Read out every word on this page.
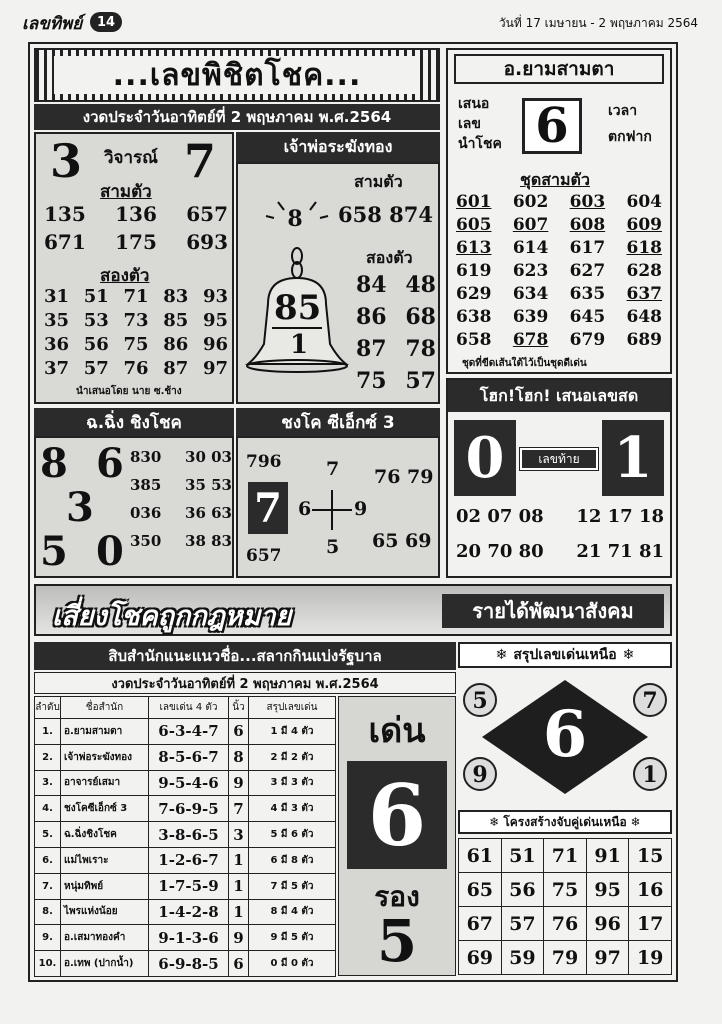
เลขทิพย์	14	วันที่ 17 เมษายน - 2 พฤษภาคม 2564
...เลขพิชิตโชค...
งวดประจำวันอาทิตย์ที่ 2 พฤษภาคม พ.ศ.2564
3 วิจารณ์ 7
สามตัว
135 136 657
671 175 693
สองตัว
31 51 71 83 93
35 53 73 85 95
36 56 75 86 96
37 57 76 87 97
นำเสนอโดย นาย ซ.ช้าง
เจ้าพ่อระฆังทอง
สามตัว
658 874
8
85
1
สองตัว
84 48
86 68
87 78
75 57
อ.ยามสามตา
เสนอ
เลข
นำโชค 6	เวลา
ตกฟาก
ชุดสามตัว
601 602 603 604
605 607 608 609
613 614 617 618
619 623 627 628
629 634 635 637
638 639 645 648
658 678 679 689
ชุดที่ขีดเส้นใต้ไว้เป็นชุดดีเด่น
ฉ.ฉิ่ง ชิงโชค
8 6
3
5 0
830 30 03
385 35 53
036 36 63
350 38 83
ชงโค ซีเอ็กซ์ 3
796
7
657
7
6 9
5
76 79
65 69
โฮก!โฮก! เสนอเลขสด
0	เลขท้าย 1
02 07 08 12 17 18
20 70 80 21 71 81
เสี่ยงโชคถูกกฎหมาย	รายได้พัฒนาสังคม
สิบสำนักแนะแนวชื่อ...สลากกินแบ่งรัฐบาล
งวดประจำวันอาทิตย์ที่ 2 พฤษภาคม พ.ศ.2564
ลำดับ	ชื่อสำนัก	เลขเด่น 4 ตัว	นิ้ว	สรุปเลขเด่น
1.	อ.ยามสามตา	6-3-4-7	6	1 มี 4 ตัว
2.	เจ้าพ่อระฆังทอง	8-5-6-7	8	2 มี 2 ตัว
3.	อาจารย์เสมา	9-5-4-6	9	3 มี 3 ตัว
4.	ชงโคซีเอ็กซ์ 3	7-6-9-5	7	4 มี 3 ตัว
5.	ฉ.ฉิ่งชิงโชค	3-8-6-5	3	5 มี 6 ตัว
6.	แม่ไพเราะ	1-2-6-7	1	6 มี 8 ตัว
7.	หนุ่มทิพย์	1-7-5-9	1	7 มี 5 ตัว
8.	ไพรแห่งน้อย	1-4-2-8	1	8 มี 4 ตัว
9.	อ.เสมาทองคำ	9-1-3-6	9	9 มี 5 ตัว
10.	อ.เทพ (ปากน้ำ)	6-9-8-5	6	0 มี 0 ตัว
เด่น
6
รอง
5
❄ สรุปเลขเด่นเหนือ ❄
6
5	7
9	1
❄ โครงสร้างจับคู่เด่นเหนือ ❄
61	51	71	91	15
65	56	75	95	16
67	57	76	96	17
69	59	79	97	19
